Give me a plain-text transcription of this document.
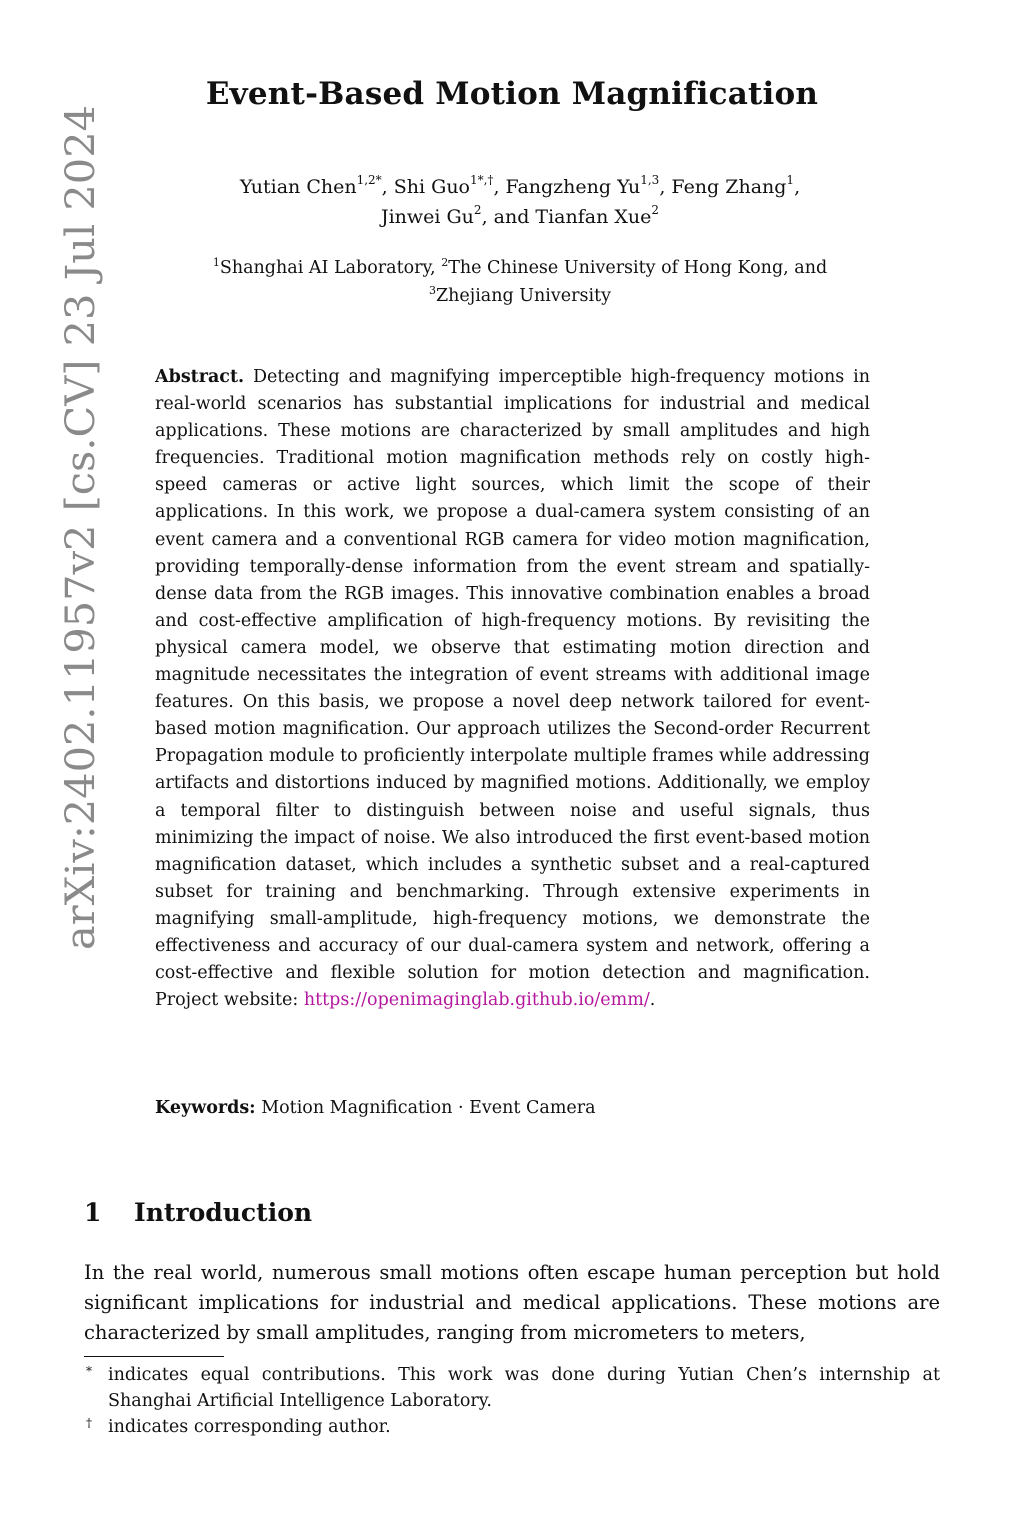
arXiv:2402.11957v2 [cs.CV] 23 Jul 2024
Event-Based Motion Magnification
Yutian Chen$^{1,2*}$, Shi Guo$^{1*,\dagger}$, Fangzheng Yu$^{1,3}$, Feng Zhang$^1$,
Jinwei Gu$^2$, and Tianfan Xue$^2$
$^1$Shanghai AI Laboratory, $^2$The Chinese University of Hong Kong, and
$^3$Zhejiang University
Abstract. Detecting and magnifying imperceptible high-frequency motions in real-world scenarios has substantial implications for industrial and medical applications. These motions are characterized by small amplitudes and high frequencies. Traditional motion magnification methods rely on costly high-speed cameras or active light sources, which limit the scope of their applications. In this work, we propose a dual-camera system consisting of an event camera and a conventional RGB camera for video motion magnification, providing temporally-dense information from the event stream and spatially-dense data from the RGB images. This innovative combination enables a broad and cost-effective amplification of high-frequency motions. By revisiting the physical camera model, we observe that estimating motion direction and magnitude necessitates the integration of event streams with additional image features. On this basis, we propose a novel deep network tailored for event-based motion magnification. Our approach utilizes the Second-order Recurrent Propagation module to proficiently interpolate multiple frames while addressing artifacts and distortions induced by magnified motions. Additionally, we employ a temporal filter to distinguish between noise and useful signals, thus minimizing the impact of noise. We also introduced the first event-based motion magnification dataset, which includes a synthetic subset and a real-captured subset for training and benchmarking. Through extensive experiments in magnifying small-amplitude, high-frequency motions, we demonstrate the effectiveness and accuracy of our dual-camera system and network, offering a cost-effective and flexible solution for motion detection and magnification. Project website: https://openimaginglab.github.io/emm/.
Keywords: Motion Magnification · Event Camera
1 Introduction
In the real world, numerous small motions often escape human perception but hold significant implications for industrial and medical applications. These motions are characterized by small amplitudes, ranging from micrometers to meters,
* indicates equal contributions. This work was done during Yutian Chen’s internship at Shanghai Artificial Intelligence Laboratory.
† indicates corresponding author.
